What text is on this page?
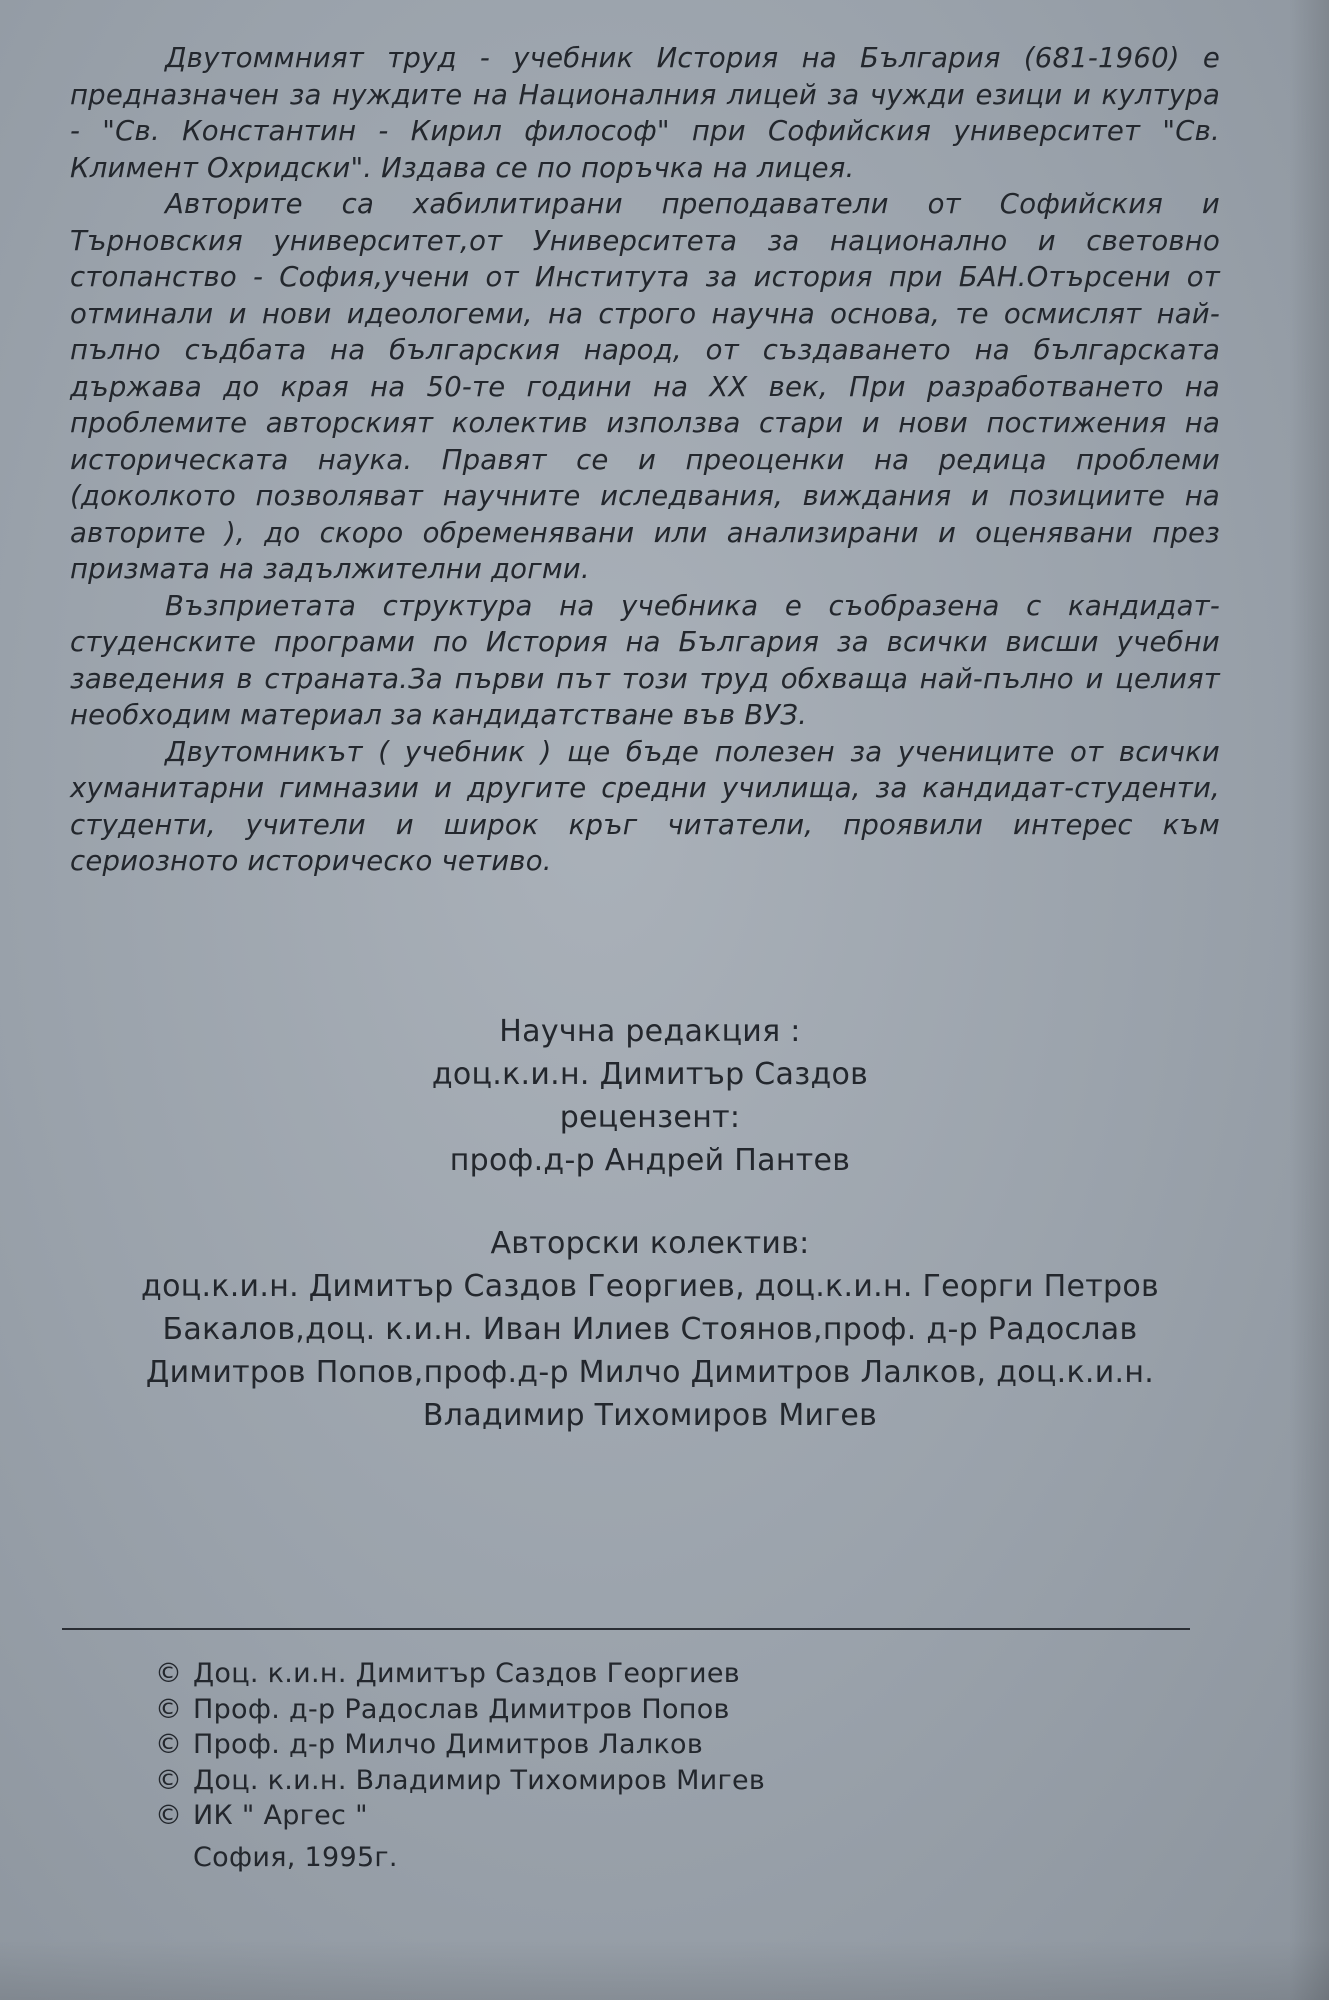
Двутоммният труд - учебник История на България (681-1960) е предназначен за нуждите на Националния лицей за чужди езици и култура - "Св. Константин - Кирил философ" при Софийския университет "Св. Климент Охридски". Издава се по поръчка на лицея.

Авторите са хабилитирани преподаватели от Софийския и Търновския университет,от Университета за национално и световно стопанство - София,учени от Института за история при БАН.Отърсени от отминали и нови идеологеми, на строго научна основа, те осмислят най-пълно съдбата на българския народ, от създаването на българската държава до края на 50-те години на XX век, При разработването на проблемите авторският колектив използва стари и нови постижения на историческата наука. Правят се и преоценки на редица проблеми (доколкото позволяват научните иследвания, виждания и позициите на авторите ), до скоро обременявани или анализирани и оценявани през призмата на задължителни догми.

Възприетата структура на учебника е съобразена с кандидат-студенските програми по История на България за всички висши учебни заведения в страната.За първи път този труд обхваща най-пълно и целият необходим материал за кандидатстване във ВУЗ.

Двутомникът ( учебник ) ще бъде полезен за учениците от всички хуманитарни гимназии и другите средни училища, за кандидат-студенти, студенти, учители и широк кръг читатели, проявили интерес към сериозното историческо четиво.

Научна редакция :
доц.к.и.н. Димитър Саздов
рецензент:
проф.д-р Андрей Пантев
Авторски колектив:
доц.к.и.н. Димитър Саздов Георгиев, доц.к.и.н. Георги Петров Бакалов,доц. к.и.н. Иван Илиев Стоянов,проф. д-р Радослав Димитров Попов,проф.д-р Милчо Димитров Лалков, доц.к.и.н. Владимир Тихомиров Мигев
© Доц. к.и.н. Димитър Саздов Георгиев
© Проф. д-р Радослав Димитров Попов
© Проф. д-р Милчо Димитров Лалков
© Доц. к.и.н. Владимир Тихомиров Мигев
© ИК " Аргес "
София, 1995г.
